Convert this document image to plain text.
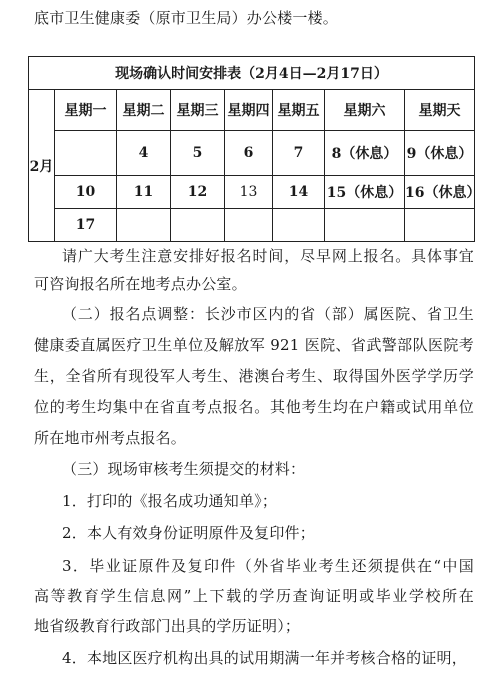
底市卫生健康委（原市卫生局）办公楼一楼。
现场确认时间安排表（2月4日—2月17日）							
2月	星期一	星期二	星期三	星期四	星期五	星期六	星期天
		4	5	6	7	8（休息）	9（休息）
	10	11	12	13	14	15（休息）	16（休息）
	17						
请广大考生注意安排好报名时间，尽早网上报名。具体事宜
可咨询报名所在地考点办公室。
（二）报名点调整：长沙市区内的省（部）属医院、省卫生
健康委直属医疗卫生单位及解放军 921 医院、省武警部队医院考
生，全省所有现役军人考生、港澳台考生、取得国外医学学历学
位的考生均集中在省直考点报名。其他考生均在户籍或试用单位
所在地市州考点报名。
（三）现场审核考生须提交的材料：
1．打印的《报名成功通知单》；
2．本人有效身份证明原件及复印件；
3．毕业证原件及复印件（外省毕业考生还须提供在“中国
高等教育学生信息网”上下载的学历查询证明或毕业学校所在
地省级教育行政部门出具的学历证明）；
4．本地区医疗机构出具的试用期满一年并考核合格的证明，
